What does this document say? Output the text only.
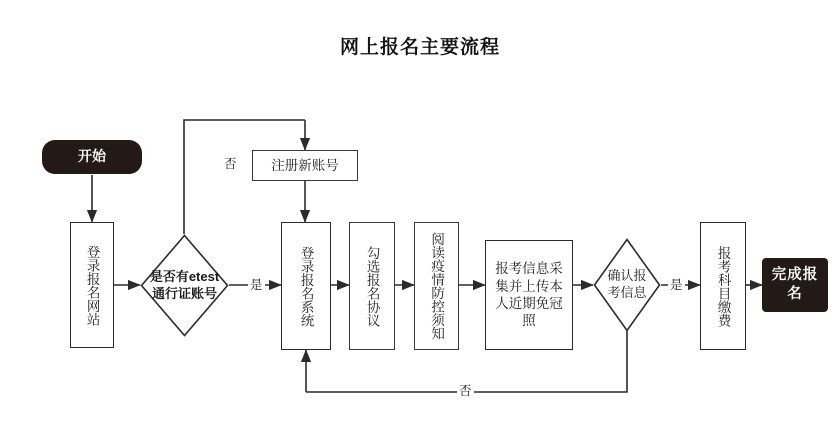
网上报名主要流程
开始
登录报名网站	是否有etest通行证账号
注册新账号
登录报名系统	勾选报名协议	阅读疫情防控须知	报考信息采集并上传本人近期免冠照
确认报考信息	报考科目缴费	完成报名
否
是	是
否
